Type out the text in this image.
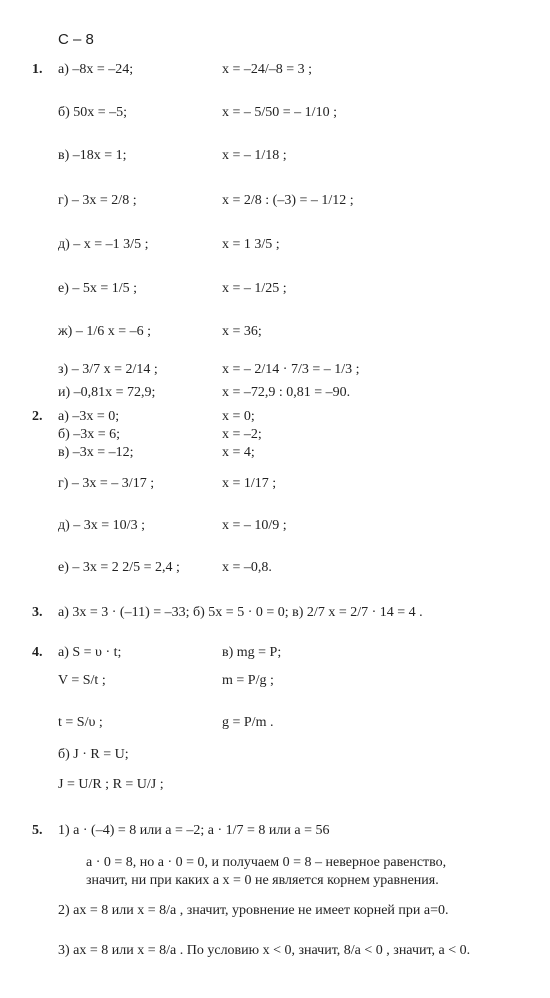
С – 8
1. а) –8x = –24;	x = –24/–8 = 3 ;
б) 50x = –5;	x = – 5/50 = – 1/10 ;
в) –18x = 1;	x = – 1/18 ;
г) – 3x = 2/8 ;	x = 2/8 : (–3) = – 1/12 ;
д) – x = –1 3/5 ;	x = 1 3/5 ;
е) – 5x = 1/5 ;	x = – 1/25 ;
ж) – 1/6 x = –6 ;	x = 36;
з) – 3/7 x = 2/14 ;	x = – 2/14 · 7/3 = – 1/3 ;
и) –0,81x = 72,9;	x = –72,9 : 0,81 = –90.
2. а) –3x = 0;	x = 0;
б) –3x = 6;	x = –2;
в) –3x = –12;	x = 4;
г) – 3x = – 3/17 ;	x = 1/17 ;
д) – 3x = 10/3 ;	x = – 10/9 ;
е) – 3x = 2 2/5 = 2,4 ;	x = –0,8.
3. а) 3x = 3 · (–11) = –33; б) 5x = 5 · 0 = 0; в) 2/7 x = 2/7 · 14 = 4 .
4. а) S = υ · t;	в) mg = P;
V = S/t ;	m = P/g ;
t = S/υ ;	g = P/m .
б) J · R = U;
J = U/R ; R = U/J ;
5. 1) a · (–4) = 8 или a = –2; a · 1/7 = 8 или a = 56
a · 0 = 8, но a · 0 = 0, и получаем 0 = 8 – неверное равенство,
значит, ни при каких a x = 0 не является корнем уравнения.
2) ax = 8 или x = 8/a , значит, уровнение не имеет корней при a=0.
3) ax = 8 или x = 8/a . По условию x < 0, значит, 8/a < 0 , значит, a < 0.
